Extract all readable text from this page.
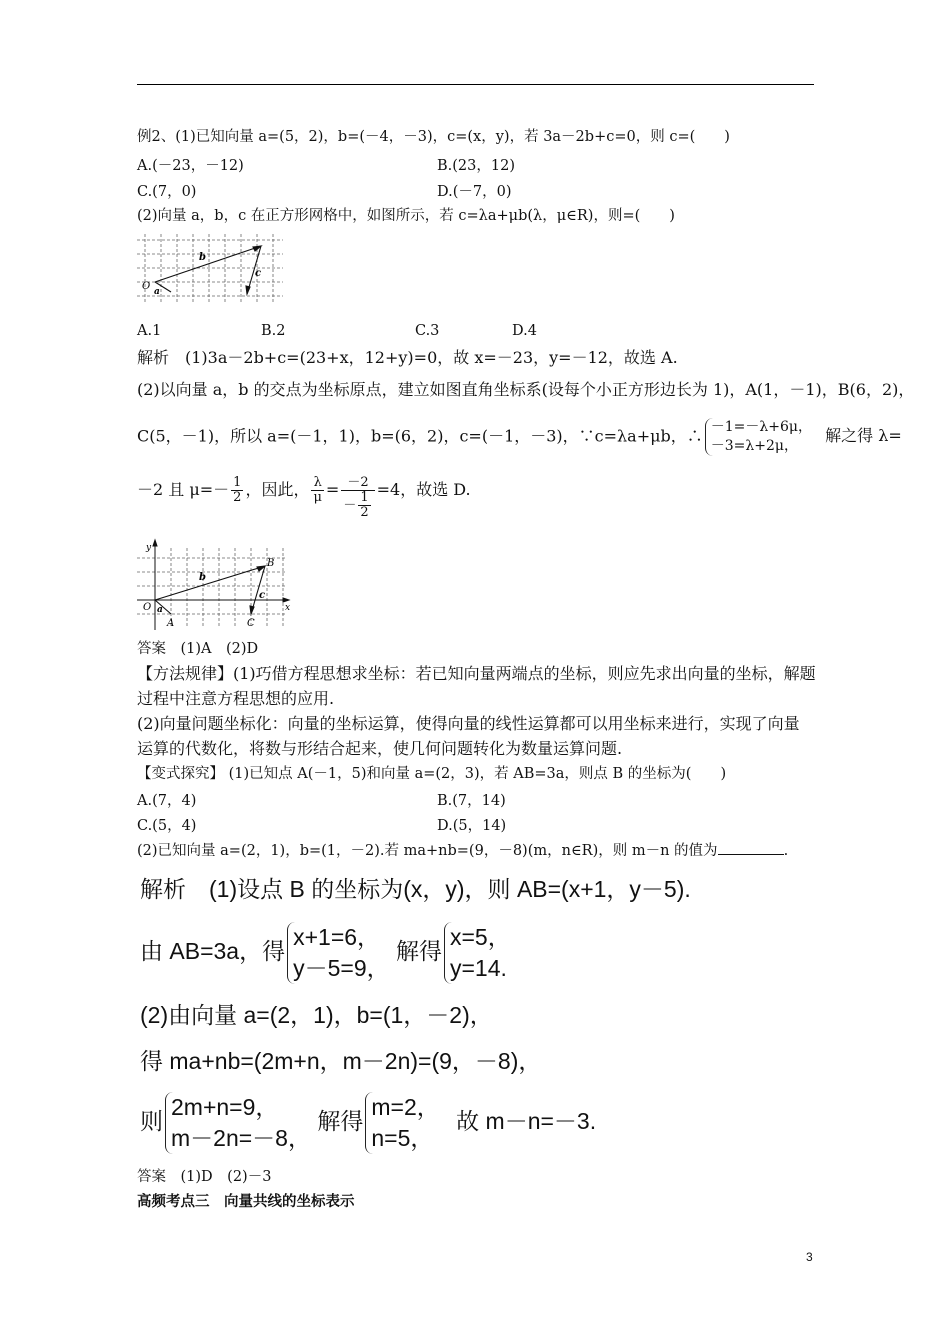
例2、(1)已知向量 a=(5，2)，b=(－4，－3)，c=(x，y)，若 3a－2b+c=0，则 c=(　　)
A.(－23，－12)	B.(23，12)
C.(7，0)	D.(－7，0)
(2)向量 a，b，c 在正方形网格中，如图所示，若 c=λa+μb(λ，μ∈R)，则=(　　)
O a
b
c
A.1	B.2	C.3	D.4
解析　(1)3a－2b+c=(23+x，12+y)=0，故 x=－23，y=－12，故选 A.
(2)以向量 a，b 的交点为坐标原点，建立如图直角坐标系(设每个小正方形边长为 1)，A(1，－1)，B(6，2)，
C(5，－1)，所以 a=(－1，1)，b=(6，2)，c=(－1，－3)，∵c=λa+μb，∴ －1=－λ+6μ，
－3=λ+2μ，
解之得 λ=
－2 且 $\mu=- \frac{1}{2}$ ，因此， $\frac{\lambda}{\mu} = \frac{-2}{- \frac{1}{2}} =4$，故选 D.
y
x
O a
b
c
A
B
C
答案　(1)A　(2)D
【方法规律】(1)巧借方程思想求坐标：若已知向量两端点的坐标，则应先求出向量的坐标，解题
过程中注意方程思想的应用.
(2)向量问题坐标化：向量的坐标运算，使得向量的线性运算都可以用坐标来进行，实现了向量
运算的代数化，将数与形结合起来，使几何问题转化为数量运算问题.
【变式探究】 (1)已知点 A(－1，5)和向量 a=(2，3)，若 AB=3a，则点 B 的坐标为(　　)
A.(7，4)	B.(7，14)
C.(5，4)	D.(5，14)
(2)已知向量 a=(2，1)，b=(1，－2).若 ma+nb=(9，－8)(m，n∈R)，则 m－n 的值为	.
解析　(1)设点 B 的坐标为(x，y)，则 AB=(x+1，y－5).
由 AB=3a，得
x+1=6，
y－5=9，
解得
x=5，
y=14.
(2)由向量 a=(2，1)，b=(1，－2)，
得 ma+nb=(2m+n，m－2n)=(9，－8)，
则
2m+n=9，
m－2n=－8，
解得
m=2，
n=5，
故 m－n=－3.
答案　(1)D　(2)－3
高频考点三　向量共线的坐标表示
3
